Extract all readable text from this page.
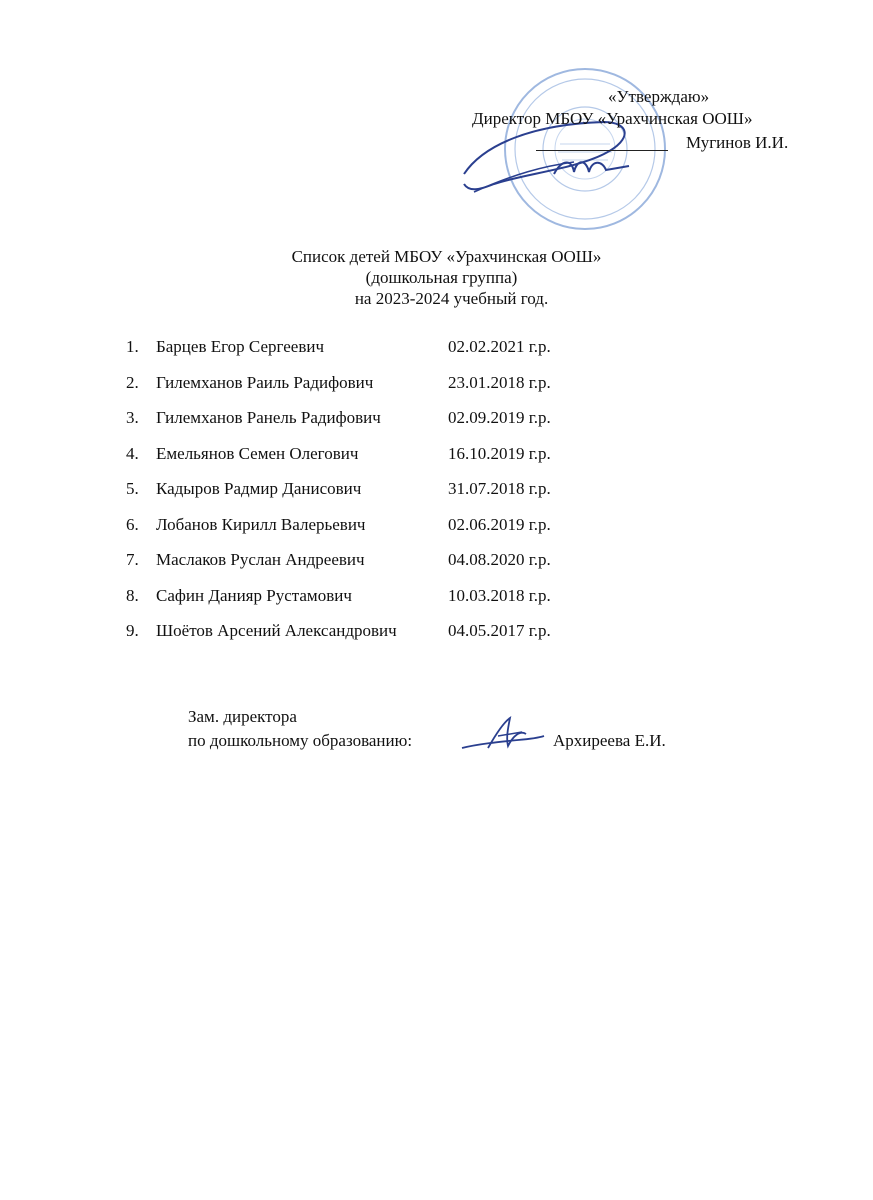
«Утверждаю»
Директор МБОУ «Урахчинская ООШ»
Мугинов И.И.
Список детей МБОУ «Урахчинская ООШ»
(дошкольная группа)
на 2023-2024 учебный год.
1. Барцев Егор Сергеевич	02.02.2021 г.р.
2. Гилемханов Раиль Радифович	23.01.2018 г.р.
3. Гилемханов Ранель Радифович	02.09.2019 г.р.
4. Емельянов Семен Олегович	16.10.2019 г.р.
5. Кадыров Радмир Данисович	31.07.2018 г.р.
6. Лобанов Кирилл Валерьевич	02.06.2019 г.р.
7. Маслаков Руслан Андреевич	04.08.2020 г.р.
8. Сафин Данияр Рустамович	10.03.2018 г.р.
9. Шоётов Арсений Александрович	04.05.2017 г.р.
Зам. директора
по дошкольному образованию:	Архиреева Е.И.
